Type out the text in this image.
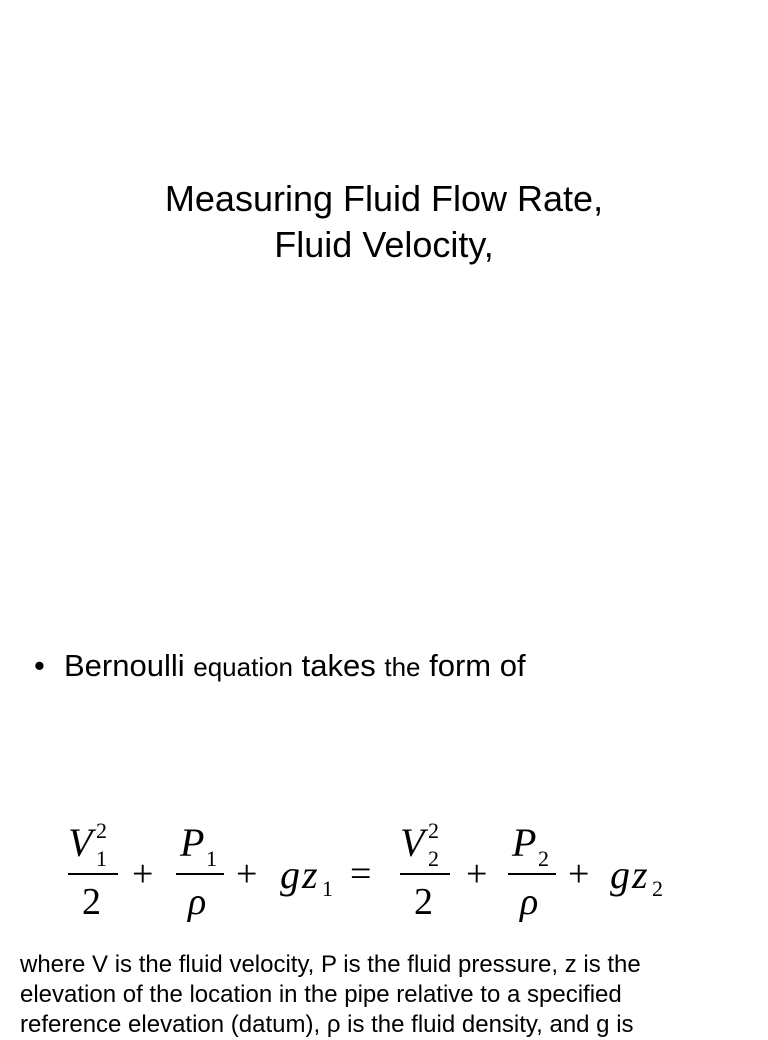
Measuring Fluid Flow Rate,
Fluid Velocity,
• Bernoulli equation takes the form of
V 2
1
2
+
P 1
ρ
+ g z 1 =
V 2
2
2
+
P 2
ρ
+ g z 2
where V is the fluid velocity, P is the fluid pressure, z is the elevation of the location in the pipe relative to a specified reference elevation (datum), ρ is the fluid density, and g is
